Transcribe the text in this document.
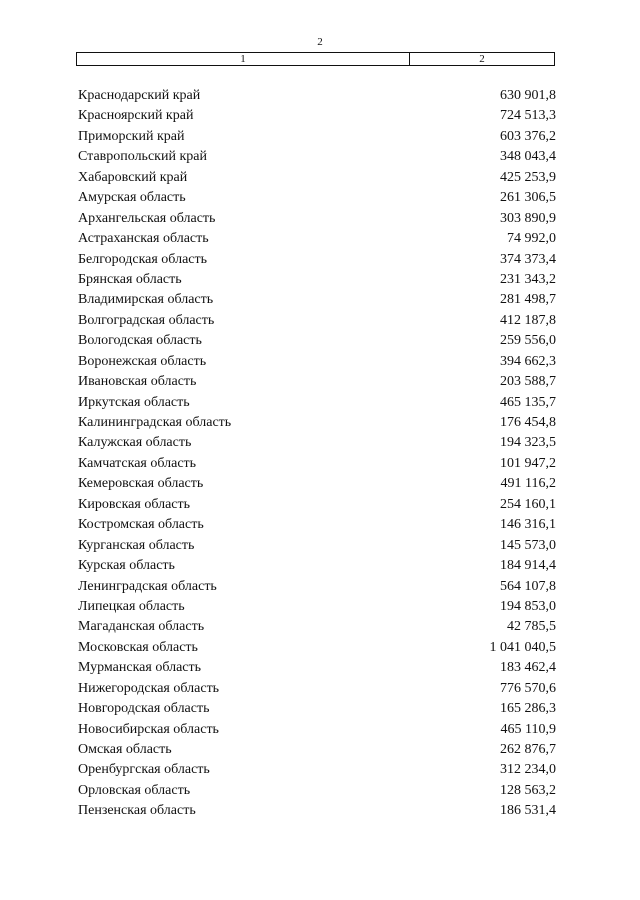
2
1	2
Краснодарский край	630 901,8
Красноярский край	724 513,3
Приморский край	603 376,2
Ставропольский край	348 043,4
Хабаровский край	425 253,9
Амурская область	261 306,5
Архангельская область	303 890,9
Астраханская область	74 992,0
Белгородская область	374 373,4
Брянская область	231 343,2
Владимирская область	281 498,7
Волгоградская область	412 187,8
Вологодская область	259 556,0
Воронежская область	394 662,3
Ивановская область	203 588,7
Иркутская область	465 135,7
Калининградская область	176 454,8
Калужская область	194 323,5
Камчатская область	101 947,2
Кемеровская область	491 116,2
Кировская область	254 160,1
Костромская область	146 316,1
Курганская область	145 573,0
Курская область	184 914,4
Ленинградская область	564 107,8
Липецкая область	194 853,0
Магаданская область	42 785,5
Московская область	1 041 040,5
Мурманская область	183 462,4
Нижегородская область	776 570,6
Новгородская область	165 286,3
Новосибирская область	465 110,9
Омская область	262 876,7
Оренбургская область	312 234,0
Орловская область	128 563,2
Пензенская область	186 531,4
